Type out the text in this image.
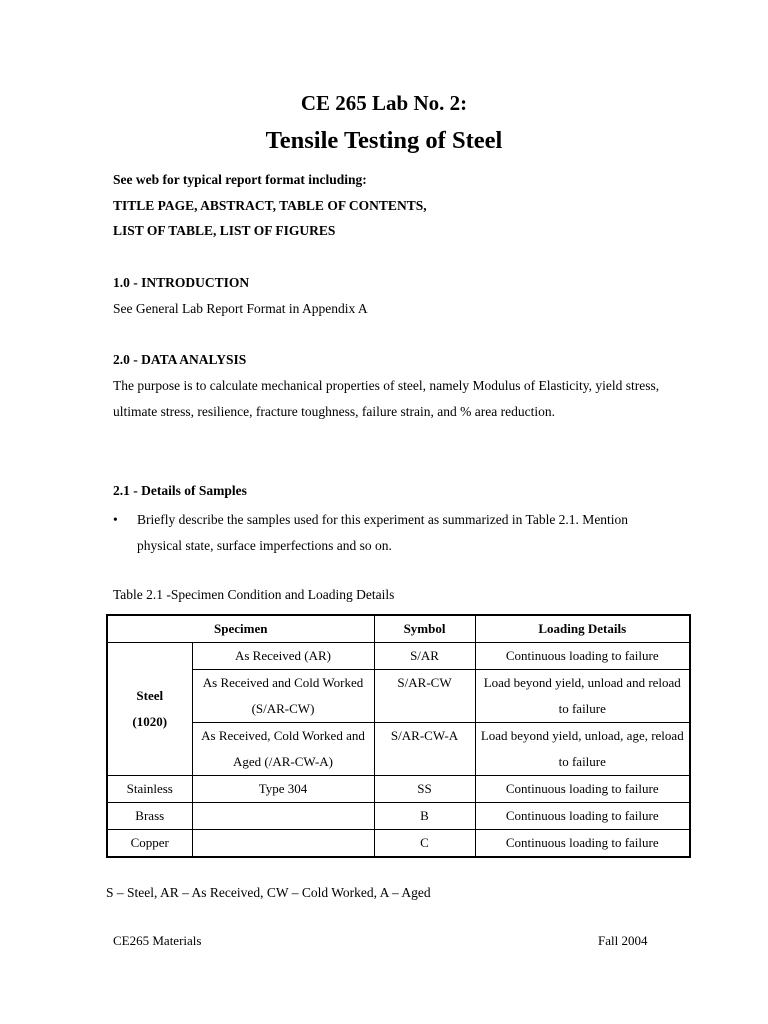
CE 265 Lab No. 2:
Tensile Testing of Steel
See web for typical report format including:
TITLE PAGE, ABSTRACT, TABLE OF CONTENTS,
LIST OF TABLE, LIST OF FIGURES
1.0 - INTRODUCTION
See General Lab Report Format in Appendix A
2.0 - DATA ANALYSIS
The purpose is to calculate mechanical properties of steel, namely Modulus of Elasticity, yield stress, ultimate stress, resilience, fracture toughness, failure strain, and % area reduction.
2.1 - Details of Samples
• Briefly describe the samples used for this experiment as summarized in Table 2.1. Mention physical state, surface imperfections and so on.
Table 2.1 -Specimen Condition and Loading Details
Specimen		Symbol	Loading Details

Steel
(1020)	As Received (AR)	S/AR	Continuous loading to failure
	As Received and Cold Worked (S/AR-CW)	S/AR-CW	Load beyond yield, unload and reload to failure
	As Received, Cold Worked and Aged (/AR-CW-A)	S/AR-CW-A	Load beyond yield, unload, age, reload to failure
Stainless	Type 304	SS	Continuous loading to failure
Brass		B	Continuous loading to failure
Copper		C	Continuous loading to failure
S – Steel, AR – As Received, CW – Cold Worked, A – Aged
CE265 Materials	Fall 2004
